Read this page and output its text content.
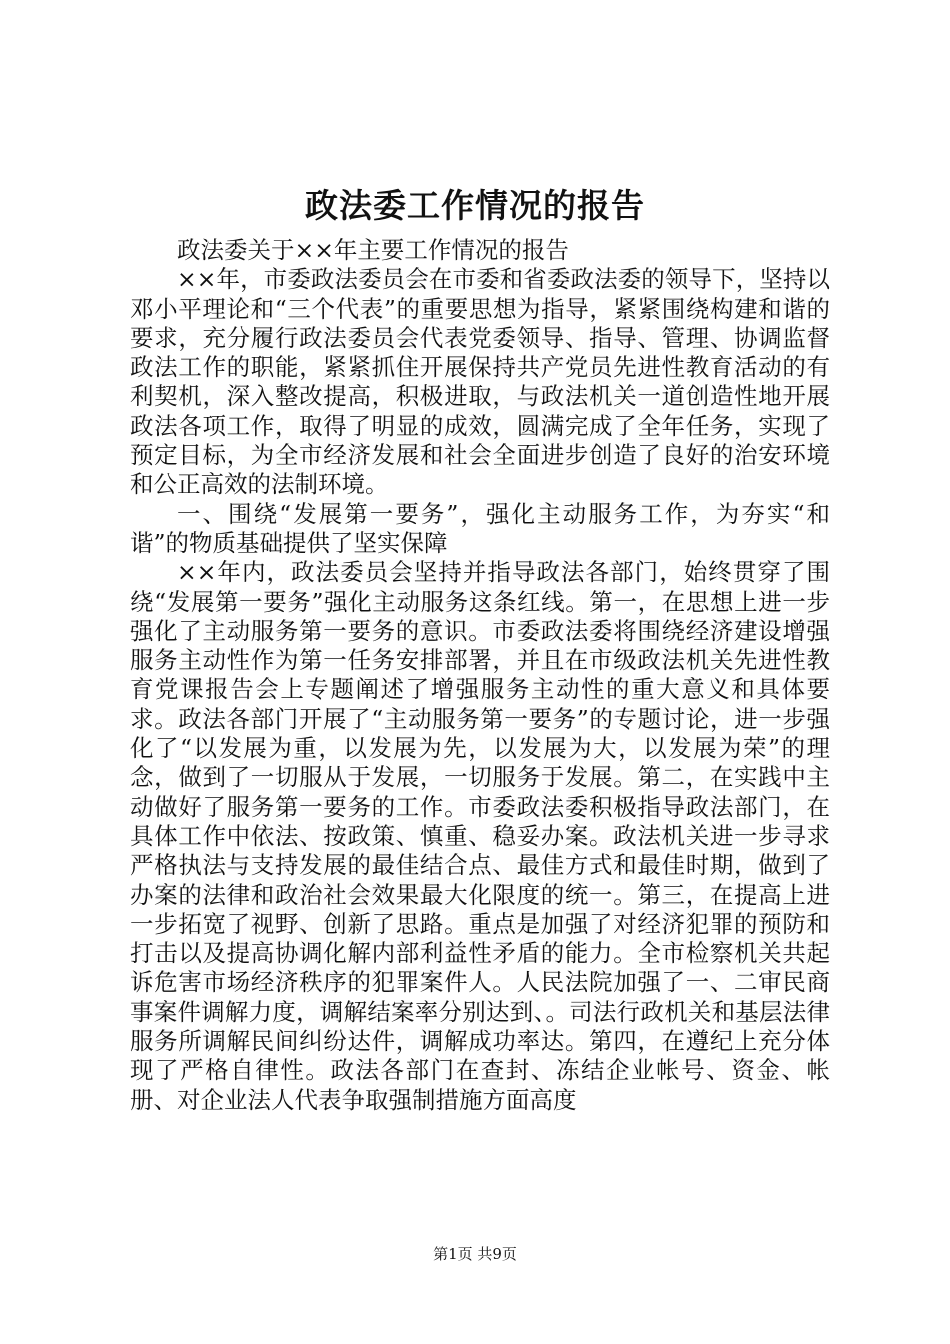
政法委工作情况的报告

政法委关于××年主要工作情况的报告

××年，市委政法委员会在市委和省委政法委的领导下，坚持以邓小平理论和“三个代表”的重要思想为指导，紧紧围绕构建和谐的要求，充分履行政法委员会代表党委领导、指导、管理、协调监督政法工作的职能，紧紧抓住开展保持共产党员先进性教育活动的有利契机，深入整改提高，积极进取，与政法机关一道创造性地开展政法各项工作，取得了明显的成效，圆满完成了全年任务，实现了预定目标，为全市经济发展和社会全面进步创造了良好的治安环境和公正高效的法制环境。

一、围绕“发展第一要务”，强化主动服务工作，为夯实“和谐”的物质基础提供了坚实保障

××年内，政法委员会坚持并指导政法各部门，始终贯穿了围绕“发展第一要务”强化主动服务这条红线。第一，在思想上进一步强化了主动服务第一要务的意识。市委政法委将围绕经济建设增强服务主动性作为第一任务安排部署，并且在市级政法机关先进性教育党课报告会上专题阐述了增强服务主动性的重大意义和具体要求。政法各部门开展了“主动服务第一要务”的专题讨论，进一步强化了“以发展为重，以发展为先，以发展为大，以发展为荣”的理念，做到了一切服从于发展，一切服务于发展。第二，在实践中主动做好了服务第一要务的工作。市委政法委积极指导政法部门，在具体工作中依法、按政策、慎重、稳妥办案。政法机关进一步寻求严格执法与支持发展的最佳结合点、最佳方式和最佳时期，做到了办案的法律和政治社会效果最大化限度的统一。第三，在提高上进一步拓宽了视野、创新了思路。重点是加强了对经济犯罪的预防和打击以及提高协调化解内部利益性矛盾的能力。全市检察机关共起诉危害市场经济秩序的犯罪案件人。人民法院加强了一、二审民商事案件调解力度，调解结案率分别达到、。司法行政机关和基层法律服务所调解民间纠纷达件，调解成功率达。第四，在遵纪上充分体现了严格自律性。政法各部门在查封、冻结企业帐号、资金、帐册、对企业法人代表争取强制措施方面高度

第1页 共9页
